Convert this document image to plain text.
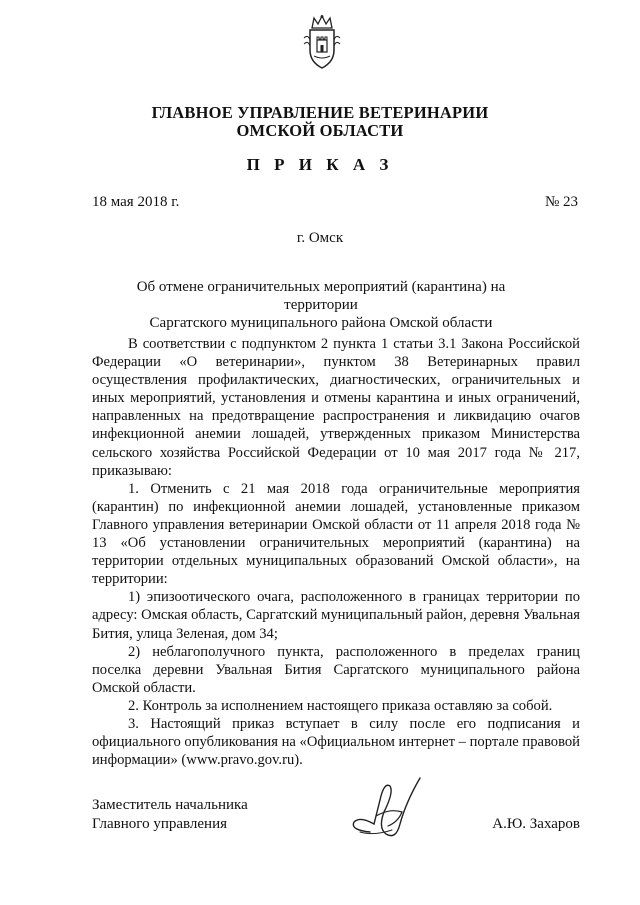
ГЛАВНОЕ УПРАВЛЕНИЕ ВЕТЕРИНАРИИ
ОМСКОЙ ОБЛАСТИ
П Р И К А З
18 мая 2018 г.	№ 23
г. Омск
Об отмене ограничительных мероприятий (карантина) на территории
Саргатского муниципального района Омской области

В соответствии с подпунктом 2 пункта 1 статьи 3.1 Закона Российской Федерации «О ветеринарии», пунктом 38 Ветеринарных правил осуществления профилактических, диагностических, ограничительных и иных мероприятий, установления и отмены карантина и иных ограничений, направленных на предотвращение распространения и ликвидацию очагов инфекционной анемии лошадей, утвержденных приказом Министерства сельского хозяйства Российской Федерации от 10 мая 2017 года № 217, приказываю:

1. Отменить с 21 мая 2018 года ограничительные мероприятия (карантин) по инфекционной анемии лошадей, установленные приказом Главного управления ветеринарии Омской области от 11 апреля 2018 года № 13 «Об установлении ограничительных мероприятий (карантина) на территории отдельных муниципальных образований Омской области», на территории:

1) эпизоотического очага, расположенного в границах территории по адресу: Омская область, Саргатский муниципальный район, деревня Увальная Бития, улица Зеленая, дом 34;

2) неблагополучного пункта, расположенного в пределах границ поселка деревни Увальная Бития Саргатского муниципального района Омской области.

2. Контроль за исполнением настоящего приказа оставляю за собой.

3. Настоящий приказ вступает в силу после его подписания и официального опубликования на «Официальном интернет – портале правовой информации» (www.pravo.gov.ru).

Заместитель начальника
Главного управления	А.Ю. Захаров
